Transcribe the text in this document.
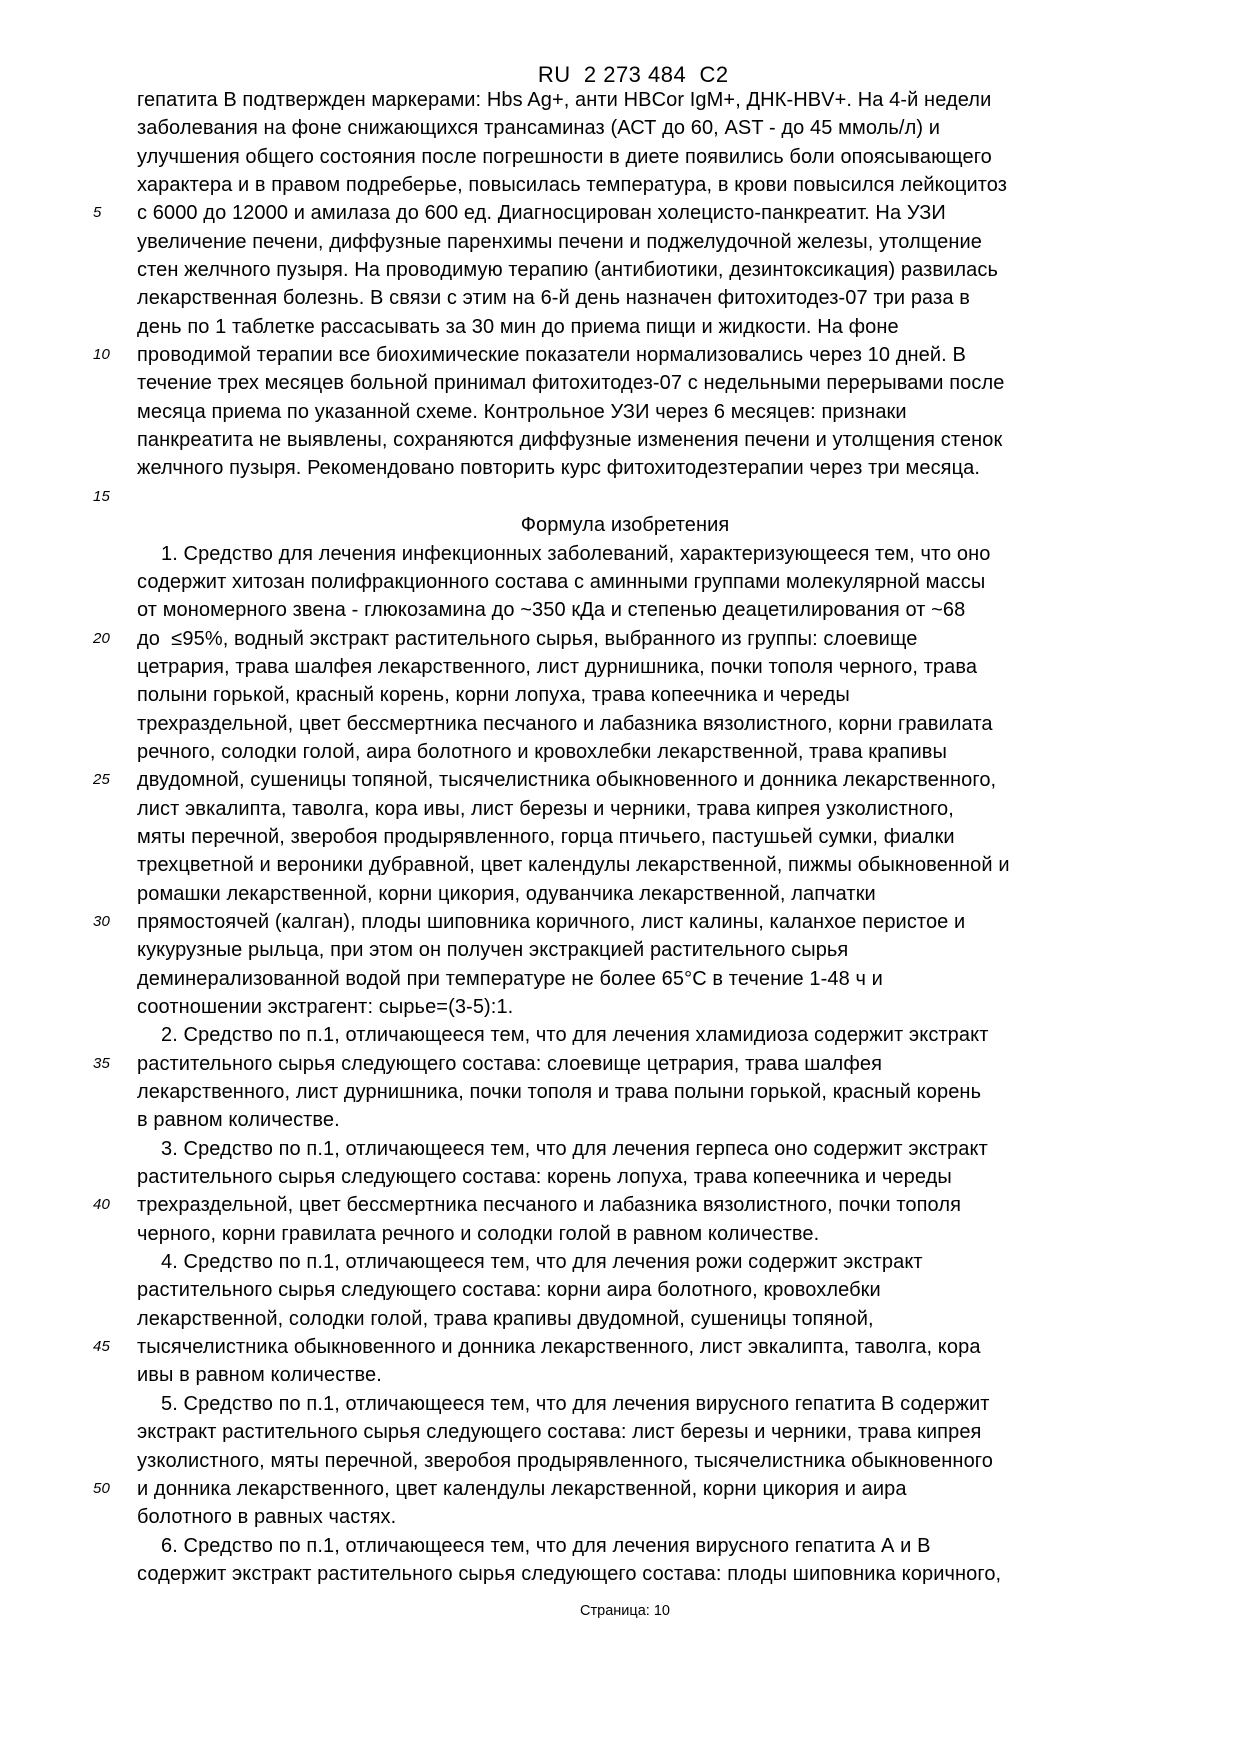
RU  2 273 484  C2

гепатита В подтвержден маркерами: Hbs Ag+, анти HBCor IgM+, ДНК-HBV+. На 4-й недели
заболевания на фоне снижающихся трансаминаз (АСТ до 60, AST - до 45 ммоль/л) и
улучшения общего состояния после погрешности в диете появились боли опоясывающего
характера и в правом подреберье, повысилась температура, в крови повысился лейкоцитоз
5	с 6000 до 12000 и амилаза до 600 ед. Диагносцирован холецисто-панкреатит. На УЗИ
увеличение печени, диффузные паренхимы печени и поджелудочной железы, утолщение
стен желчного пузыря. На проводимую терапию (антибиотики, дезинтоксикация) развилась
лекарственная болезнь. В связи с этим на 6-й день назначен фитохитодез-07 три раза в
день по 1 таблетке рассасывать за 30 мин до приема пищи и жидкости. На фоне
10	проводимой терапии все биохимические показатели нормализовались через 10 дней. В
течение трех месяцев больной принимал фитохитодез-07 с недельными перерывами после
месяца приема по указанной схеме. Контрольное УЗИ через 6 месяцев: признаки
панкреатита не выявлены, сохраняются диффузные изменения печени и утолщения стенок
желчного пузыря. Рекомендовано повторить курс фитохитодезтерапии через три месяца.
15
Формула изобретения
1. Средство для лечения инфекционных заболеваний, характеризующееся тем, что оно
содержит хитозан полифракционного состава с аминными группами молекулярной массы
от мономерного звена - глюкозамина до ~350 кДа и степенью деацетилирования от ~68
20	до  ≤95%, водный экстракт растительного сырья, выбранного из группы: слоевище
цетрария, трава шалфея лекарственного, лист дурнишника, почки тополя черного, трава
полыни горькой, красный корень, корни лопуха, трава копеечника и череды
трехраздельной, цвет бессмертника песчаного и лабазника вязолистного, корни гравилата
речного, солодки голой, аира болотного и кровохлебки лекарственной, трава крапивы
25	двудомной, сушеницы топяной, тысячелистника обыкновенного и донника лекарственного,
лист эвкалипта, таволга, кора ивы, лист березы и черники, трава кипрея узколистного,
мяты перечной, зверобоя продырявленного, горца птичьего, пастушьей сумки, фиалки
трехцветной и вероники дубравной, цвет календулы лекарственной, пижмы обыкновенной и
ромашки лекарственной, корни цикория, одуванчика лекарственной, лапчатки
30	прямостоячей (калган), плоды шиповника коричного, лист калины, каланхое перистое и
кукурузные рыльца, при этом он получен экстракцией растительного сырья
деминерализованной водой при температуре не более 65°С в течение 1-48 ч и
соотношении экстрагент: сырье=(3-5):1.
2. Средство по п.1, отличающееся тем, что для лечения хламидиоза содержит экстракт
35	растительного сырья следующего состава: слоевище цетрария, трава шалфея
лекарственного, лист дурнишника, почки тополя и трава полыни горькой, красный корень
в равном количестве.
3. Средство по п.1, отличающееся тем, что для лечения герпеса оно содержит экстракт
растительного сырья следующего состава: корень лопуха, трава копеечника и череды
40	трехраздельной, цвет бессмертника песчаного и лабазника вязолистного, почки тополя
черного, корни гравилата речного и солодки голой в равном количестве.
4. Средство по п.1, отличающееся тем, что для лечения рожи содержит экстракт
растительного сырья следующего состава: корни аира болотного, кровохлебки
лекарственной, солодки голой, трава крапивы двудомной, сушеницы топяной,
45	тысячелистника обыкновенного и донника лекарственного, лист эвкалипта, таволга, кора
ивы в равном количестве.
5. Средство по п.1, отличающееся тем, что для лечения вирусного гепатита В содержит
экстракт растительного сырья следующего состава: лист березы и черники, трава кипрея
узколистного, мяты перечной, зверобоя продырявленного, тысячелистника обыкновенного
50	и донника лекарственного, цвет календулы лекарственной, корни цикория и аира
болотного в равных частях.
6. Средство по п.1, отличающееся тем, что для лечения вирусного гепатита А и В
содержит экстракт растительного сырья следующего состава: плоды шиповника коричного,
Страница: 10
